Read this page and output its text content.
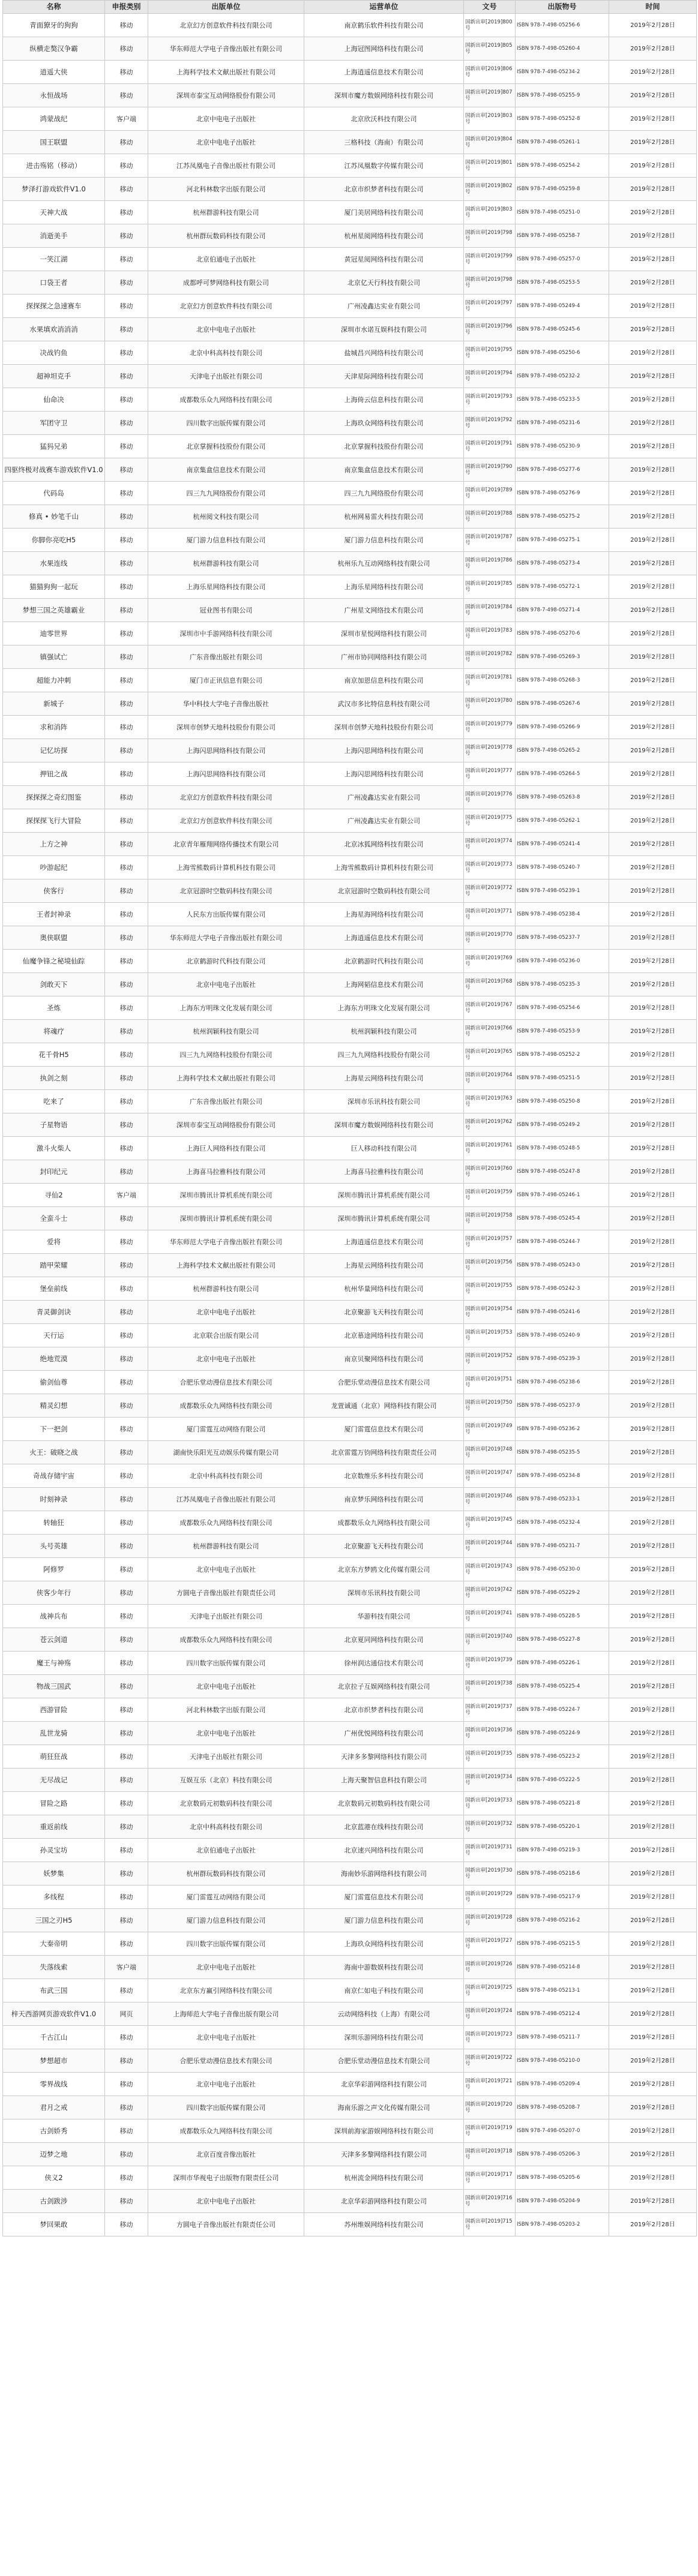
名称	申报类别	出版单位	运营单位	文号	出版物号	时间
青面獠牙的狗狗	移动	北京幻方创意软件科技有限公司	南京鹤乐软件科技有限公司	国新出审[2019]800号	ISBN 978-7-498-05256-6	2019年2月28日
纵横走獒汉争霸	移动	华东师范大学电子音像出版社有限公司	上海冠图网络科技有限公司	国新出审[2019]805号	ISBN 978-7-498-05260-4	2019年2月28日
逍遥大侠	移动	上海科学技术文献出版社有限公司	上海逍遥信息技术有限公司	国新出审[2019]806号	ISBN 978-7-498-05234-2	2019年2月28日
永恒战场	移动	深圳市泰宝互动网络股份有限公司	深圳市魔方数娱网络科技有限公司	国新出审[2019]807号	ISBN 978-7-498-05255-9	2019年2月28日
鸿蒙战纪	客户端	北京中电电子出版社	北京欣沃科技有限公司	国新出审[2019]803号	ISBN 978-7-498-05252-8	2019年2月28日
国王联盟	移动	北京中电电子出版社	三格科技（海南）有限公司	国新出审[2019]804号	ISBN 978-7-498-05261-1	2019年2月28日
进击殇铭（移动）	移动	江苏凤凰电子音像出版社有限公司	江苏凤凰数字传媒有限公司	国新出审[2019]801号	ISBN 978-7-498-05254-2	2019年2月28日
梦泽打游戏软件V1.0	移动	河北科林数字出版有限公司	北京市织梦者科技有限公司	国新出审[2019]802号	ISBN 978-7-498-05259-8	2019年2月28日
天神大战	移动	杭州群游科技有限公司	厦门美居网络科技有限公司	国新出审[2019]803号	ISBN 978-7-498-05251-0	2019年2月28日
消逝美手	移动	杭州群玩数码科技有限公司	杭州星阅网络科技有限公司	国新出审[2019]798号	ISBN 978-7-498-05258-7	2019年2月28日
一笑江湖	移动	北京伯通电子出版社	黄冠星阅网络科技有限公司	国新出审[2019]799号	ISBN 978-7-498-05257-0	2019年2月28日
口袋王者	移动	成都呼可梦网络科技有限公司	北京亿天行科技有限公司	国新出审[2019]798号	ISBN 978-7-498-05253-5	2019年2月28日
探探探之急速赛车	移动	北京幻方创意软件科技有限公司	广州凌鑫达实业有限公司	国新出审[2019]797号	ISBN 978-7-498-05249-4	2019年2月28日
水果填欢消消消	移动	北京中电电子出版社	深圳市水诺互娱科技有限公司	国新出审[2019]796号	ISBN 978-7-498-05245-6	2019年2月28日
决战钓鱼	移动	北京中科高科技有限公司	盐城昌兴网络科技有限公司	国新出审[2019]795号	ISBN 978-7-498-05250-6	2019年2月28日
超神坦克手	移动	天津电子出版社有限公司	天津星际网络科技有限公司	国新出审[2019]794号	ISBN 978-7-498-05232-2	2019年2月28日
仙命决	移动	成都数乐众九网络科技有限公司	上海倚云信息科技有限公司	国新出审[2019]793号	ISBN 978-7-498-05233-5	2019年2月28日
军团守卫	移动	四川数字出版传媒有限公司	上海玖众网络科技有限公司	国新出审[2019]792号	ISBN 978-7-498-05231-6	2019年2月28日
猛犸兄弟	移动	北京掌握科技股份有限公司	北京掌握科技股份有限公司	国新出审[2019]791号	ISBN 978-7-498-05230-9	2019年2月28日
四驱终极对战赛车游戏软件V1.0	移动	南京集盒信息技术有限公司	南京集盒信息技术有限公司	国新出审[2019]790号	ISBN 978-7-498-05277-6	2019年2月28日
代码岛	移动	四三九九网络股份有限公司	四三九九网络股份有限公司	国新出审[2019]789号	ISBN 978-7-498-05276-9	2019年2月28日
修真 • 妙笔千山	移动	杭州阅文科技有限公司	杭州网易雷火科技有限公司	国新出审[2019]788号	ISBN 978-7-498-05275-2	2019年2月28日
你脚你亮吃H5	移动	厦门游力信息科技有限公司	厦门游力信息科技有限公司	国新出审[2019]787号	ISBN 978-7-498-05275-1	2019年2月28日
水果连线	移动	杭州群游科技有限公司	杭州乐九互动网络科技有限公司	国新出审[2019]786号	ISBN 978-7-498-05273-4	2019年2月28日
猫猫狗狗一起玩	移动	上海乐星网络科技有限公司	上海乐星网络科技有限公司	国新出审[2019]785号	ISBN 978-7-498-05272-1	2019年2月28日
梦想三国之英雄霸业	移动	冠业图书有限公司	广州星文网络技术有限公司	国新出审[2019]784号	ISBN 978-7-498-05271-4	2019年2月28日
迪零世界	移动	深圳市中手游网络科技有限公司	深圳市星悦网络科技有限公司	国新出审[2019]783号	ISBN 978-7-498-05270-6	2019年2月28日
镇强试亡	移动	广东音像出版社有限公司	广州市协同网络科技有限公司	国新出审[2019]782号	ISBN 978-7-498-05269-3	2019年2月28日
超能力冲刺	移动	厦门市正讯信息有限公司	南京加恩信息科技有限公司	国新出审[2019]781号	ISBN 978-7-498-05268-3	2019年2月28日
新城子	移动	华中科技大学电子音像出版社	武汉市多比特信息科技有限公司	国新出审[2019]780号	ISBN 978-7-498-05267-6	2019年2月28日
求和消阵	移动	深圳市创梦天地科技股份有限公司	深圳市创梦天地科技股份有限公司	国新出审[2019]779号	ISBN 978-7-498-05266-9	2019年2月28日
记忆坊探	移动	上海闪思网络科技有限公司	上海闪思网络科技有限公司	国新出审[2019]778号	ISBN 978-7-498-05265-2	2019年2月28日
押钮之战	移动	上海闪思网络科技有限公司	上海闪思网络科技有限公司	国新出审[2019]777号	ISBN 978-7-498-05264-5	2019年2月28日
探探探之奇幻图鉴	移动	北京幻方创意软件科技有限公司	广州凌鑫达实业有限公司	国新出审[2019]776号	ISBN 978-7-498-05263-8	2019年2月28日
探探探飞行大冒险	移动	北京幻方创意软件科技有限公司	广州凌鑫达实业有限公司	国新出审[2019]775号	ISBN 978-7-498-05262-1	2019年2月28日
上方之神	移动	北京青年雁翔网络传播技术有限公司	北京冰狐网络科技有限公司	国新出审[2019]774号	ISBN 978-7-498-05241-4	2019年2月28日
吵游起纪	移动	上海雪熊数码计算机科技有限公司	上海雪熊数码计算机科技有限公司	国新出审[2019]773号	ISBN 978-7-498-05240-7	2019年2月28日
侠客行	移动	北京冠游时空数码科技有限公司	北京冠游时空数码科技有限公司	国新出审[2019]772号	ISBN 978-7-498-05239-1	2019年2月28日
王者封神录	移动	人民东方出版传媒有限公司	上海星海网络科技有限公司	国新出审[2019]771号	ISBN 978-7-498-05238-4	2019年2月28日
奥侠联盟	移动	华东师范大学电子音像出版社有限公司	上海逍遥信息技术有限公司	国新出审[2019]770号	ISBN 978-7-498-05237-7	2019年2月28日
仙魔争锋之秘境仙踪	移动	北京鹤游时代科技有限公司	北京鹤游时代科技有限公司	国新出审[2019]769号	ISBN 978-7-498-05236-0	2019年2月28日
剑敢天下	移动	北京中电电子出版社	上海网韬信息技术有限公司	国新出审[2019]768号	ISBN 978-7-498-05235-3	2019年2月28日
圣炼	移动	上海东方明珠文化发展有限公司	上海东方明珠文化发展有限公司	国新出审[2019]767号	ISBN 978-7-498-05254-6	2019年2月28日
将魂疗	移动	杭州润颖科技有限公司	杭州润颖科技有限公司	国新出审[2019]766号	ISBN 978-7-498-05253-9	2019年2月28日
花千骨H5	移动	四三九九网络科技股份有限公司	四三九九网络科技股份有限公司	国新出审[2019]765号	ISBN 978-7-498-05252-2	2019年2月28日
执剑之刻	移动	上海科学技术文献出版社有限公司	上海星云网络科技有限公司	国新出审[2019]764号	ISBN 978-7-498-05251-5	2019年2月28日
吃来了	移动	广东音像出版社有限公司	深圳市乐讯科技有限公司	国新出审[2019]763号	ISBN 978-7-498-05250-8	2019年2月28日
子星物语	移动	深圳市泰宝互动网络股份有限公司	深圳市魔方数娱网络科技有限公司	国新出审[2019]762号	ISBN 978-7-498-05249-2	2019年2月28日
激斗火柴人	移动	上海巨人网络科技有限公司	巨人移动科技有限公司	国新出审[2019]761号	ISBN 978-7-498-05248-5	2019年2月28日
封印纪元	移动	上海喜马拉雅科技有限公司	上海喜马拉雅科技有限公司	国新出审[2019]760号	ISBN 978-7-498-05247-8	2019年2月28日
寻仙2	客户端	深圳市腾讯计算机系统有限公司	深圳市腾讯计算机系统有限公司	国新出审[2019]759号	ISBN 978-7-498-05246-1	2019年2月28日
全蛮斗士	移动	深圳市腾讯计算机系统有限公司	深圳市腾讯计算机系统有限公司	国新出审[2019]758号	ISBN 978-7-498-05245-4	2019年2月28日
爱将	移动	华东师范大学电子音像出版社有限公司	上海逍遥信息技术有限公司	国新出审[2019]757号	ISBN 978-7-498-05244-7	2019年2月28日
踏甲荣耀	移动	上海科学技术文献出版社有限公司	上海星云网络科技有限公司	国新出审[2019]756号	ISBN 978-7-498-05243-0	2019年2月28日
堡垒前线	移动	杭州群游科技有限公司	杭州华量网络科技有限公司	国新出审[2019]755号	ISBN 978-7-498-05242-3	2019年2月28日
青灵御剑诀	移动	北京中电电子出版社	北京聚游飞天科技有限公司	国新出审[2019]754号	ISBN 978-7-498-05241-6	2019年2月28日
天行运	移动	北京联合出版有限公司	北京慕途网络科技有限公司	国新出审[2019]753号	ISBN 978-7-498-05240-9	2019年2月28日
绝地荒漠	移动	北京中电电子出版社	南京贝聚网络科技有限公司	国新出审[2019]752号	ISBN 978-7-498-05239-3	2019年2月28日
偷剑仙尊	移动	合肥乐堂动漫信息技术有限公司	合肥乐堂动漫信息技术有限公司	国新出审[2019]751号	ISBN 978-7-498-05238-6	2019年2月28日
精灵幻想	移动	成都数乐众九网络科技有限公司	龙萱诚通（北京）网络科技有限公司	国新出审[2019]750号	ISBN 978-7-498-05237-9	2019年2月28日
下一把剑	移动	厦门雷霆互动网络有限公司	厦门雷霆信息技术有限公司	国新出审[2019]749号	ISBN 978-7-498-05236-2	2019年2月28日
火王：破晓之战	移动	湖南快乐阳光互动娱乐传媒有限公司	北京雷霆万钧网络科技有限责任公司	国新出审[2019]748号	ISBN 978-7-498-05235-5	2019年2月28日
奇战存储宇宙	移动	北京中科高科技有限公司	北京数维乐多科技有限公司	国新出审[2019]747号	ISBN 978-7-498-05234-8	2019年2月28日
时刻神录	移动	江苏凤凰电子音像出版社有限公司	南京梦乐网络科技有限公司	国新出审[2019]746号	ISBN 978-7-498-05233-1	2019年2月28日
转轴狂	移动	成都数乐众九网络科技有限公司	成都数乐众九网络科技有限公司	国新出审[2019]745号	ISBN 978-7-498-05232-4	2019年2月28日
头号英雄	移动	杭州群游科技有限公司	北京聚游飞天科技有限公司	国新出审[2019]744号	ISBN 978-7-498-05231-7	2019年2月28日
阿修罗	移动	北京中电电子出版社	北京东方梦鸥文化传媒有限公司	国新出审[2019]743号	ISBN 978-7-498-05230-0	2019年2月28日
侠客少年行	移动	方圆电子音像出版社有限责任公司	深圳市乐讯科技有限公司	国新出审[2019]742号	ISBN 978-7-498-05229-2	2019年2月28日
战神兵布	移动	天津电子出版社有限公司	华游科技有限公司	国新出审[2019]741号	ISBN 978-7-498-05228-5	2019年2月28日
苍云剑道	移动	成都数乐众九网络科技有限公司	北京夏同网络科技有限公司	国新出审[2019]740号	ISBN 978-7-498-05227-8	2019年2月28日
魔王与神殇	移动	四川数字出版传媒有限公司	徐州润达通信技术有限公司	国新出审[2019]739号	ISBN 978-7-498-05226-1	2019年2月28日
物战三国武	移动	北京中电电子出版社	北京拉子互娱网络科技有限公司	国新出审[2019]738号	ISBN 978-7-498-05225-4	2019年2月28日
西游冒险	移动	河北科林数字出版有限公司	北京市织梦者科技有限公司	国新出审[2019]737号	ISBN 978-7-498-05224-7	2019年2月28日
乱世龙骑	移动	北京中电电子出版社	广州优悦网络科技有限公司	国新出审[2019]736号	ISBN 978-7-498-05224-9	2019年2月28日
萌狂狂战	移动	天津电子出版社有限公司	天津多多黎网络科技有限公司	国新出审[2019]735号	ISBN 978-7-498-05223-2	2019年2月28日
无尽战记	移动	互娱互乐（北京）科技有限公司	上海天聚智信息科技有限公司	国新出审[2019]734号	ISBN 978-7-498-05222-5	2019年2月28日
冒险之路	移动	北京数码元初数码科技有限公司	北京数码元初数码科技有限公司	国新出审[2019]733号	ISBN 978-7-498-05221-8	2019年2月28日
重返前线	移动	北京中科高科技有限公司	北京蓝港在线科技有限公司	国新出审[2019]732号	ISBN 978-7-498-05220-1	2019年2月28日
孙灵宝坊	移动	北京伯通电子出版社	北京速兴网络科技有限公司	国新出审[2019]731号	ISBN 978-7-498-05219-3	2019年2月28日
妖梦集	移动	杭州群玩数码科技有限公司	海南妙乐游网络科技有限公司	国新出审[2019]730号	ISBN 978-7-498-05218-6	2019年2月28日
多线程	移动	厦门雷霆互动网络有限公司	厦门雷霆信息技术有限公司	国新出审[2019]729号	ISBN 978-7-498-05217-9	2019年2月28日
三国之刃H5	移动	厦门游力信息科技有限公司	厦门游力信息科技有限公司	国新出审[2019]728号	ISBN 978-7-498-05216-2	2019年2月28日
大秦帝明	移动	四川数字出版传媒有限公司	上海玖众网络科技有限公司	国新出审[2019]727号	ISBN 978-7-498-05215-5	2019年2月28日
失落线索	客户端	北京中电电子出版社	海南中游数娱科技有限公司	国新出审[2019]726号	ISBN 978-7-498-05214-8	2019年2月28日
布武三国	移动	北京东方赢引网络科技有限公司	南京仁如电子科技有限公司	国新出审[2019]725号	ISBN 978-7-498-05213-1	2019年2月28日
梓天西游网页游戏软件V1.0	网页	上海师范大学电子音像出版有限公司	云动网络科技（上海）有限公司	国新出审[2019]724号	ISBN 978-7-498-05212-4	2019年2月28日
千古江山	移动	北京中电电子出版社	深圳乐游网络科技有限公司	国新出审[2019]723号	ISBN 978-7-498-05211-7	2019年2月28日
梦想超市	移动	合肥乐堂动漫信息技术有限公司	合肥乐堂动漫信息技术有限公司	国新出审[2019]722号	ISBN 978-7-498-05210-0	2019年2月28日
零界战线	移动	北京中电电子出版社	北京华彩游网络科技有限公司	国新出审[2019]721号	ISBN 978-7-498-05209-4	2019年2月28日
君月之戒	移动	四川数字出版传媒有限公司	海南乐游之声文化传媒有限公司	国新出审[2019]720号	ISBN 978-7-498-05208-7	2019年2月28日
古剑娇秀	移动	成都数乐众九网络科技有限公司	深圳前海家游娱网络科技有限公司	国新出审[2019]719号	ISBN 978-7-498-05207-0	2019年2月28日
迈梦之地	移动	北京百度音像出版社	天津多多黎网络科技有限公司	国新出审[2019]718号	ISBN 978-7-498-05206-3	2019年2月28日
侠义2	移动	深圳市华视电子出版物有限责任公司	杭州流金网络科技有限公司	国新出审[2019]717号	ISBN 978-7-498-05205-6	2019年2月28日
古剑跋涉	移动	北京中电电子出版社	北京华彩游网络科技有限公司	国新出审[2019]716号	ISBN 978-7-498-05204-9	2019年2月28日
梦回果敢	移动	方圆电子音像出版社有限责任公司	苏州维娱网络科技有限公司	国新出审[2019]715号	ISBN 978-7-498-05203-2	2019年2月28日
